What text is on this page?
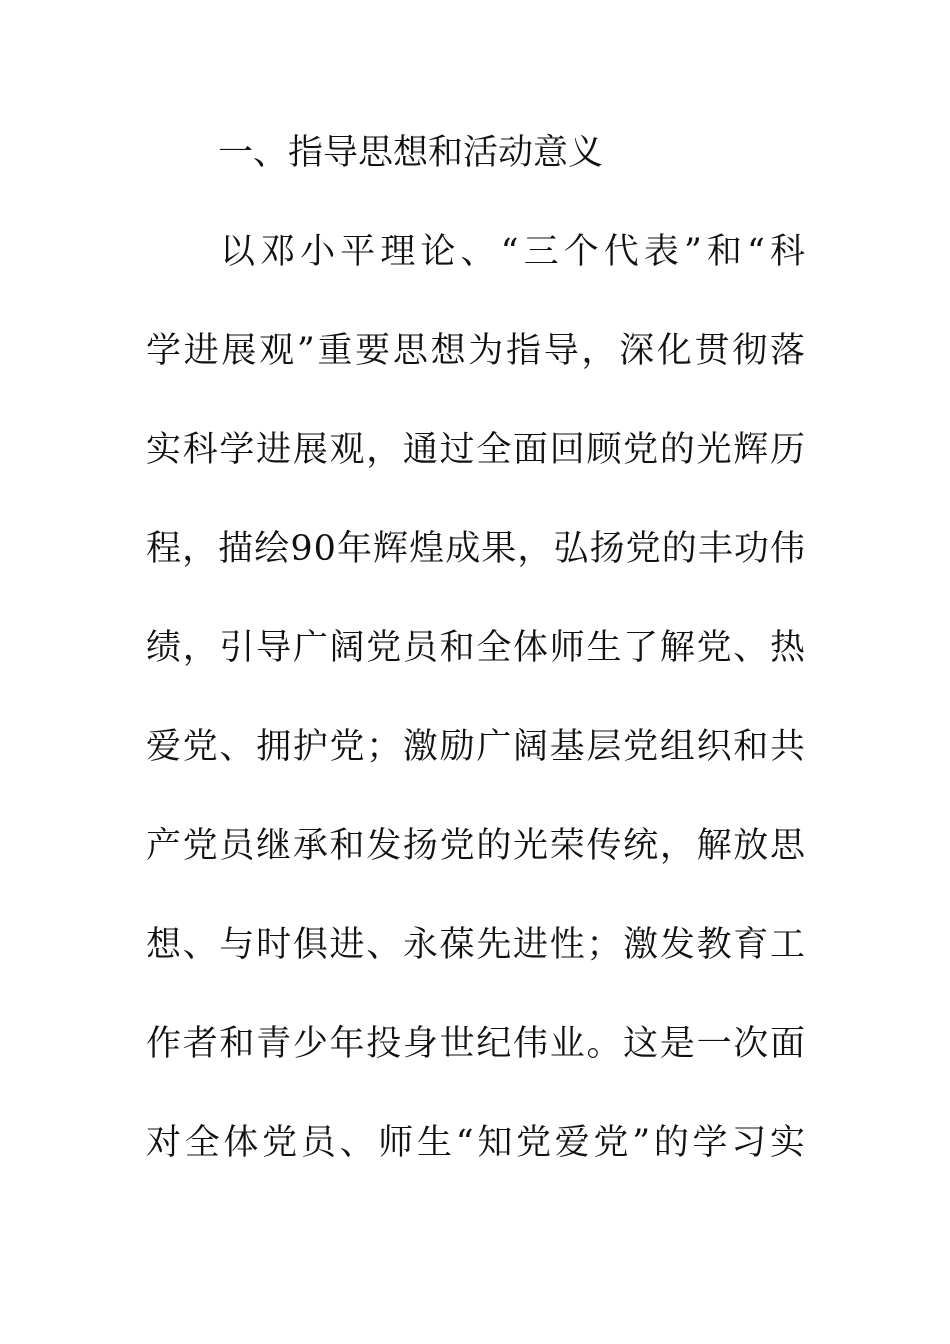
一、指导思想和活动意义
以邓小平理论、“三个代表”和“科
学进展观”重要思想为指导，深化贯彻落
实科学进展观，通过全面回顾党的光辉历
程，描绘90年辉煌成果，弘扬党的丰功伟
绩，引导广阔党员和全体师生了解党、热
爱党、拥护党；激励广阔基层党组织和共
产党员继承和发扬党的光荣传统，解放思
想、与时俱进、永葆先进性；激发教育工
作者和青少年投身世纪伟业。这是一次面
对全体党员、师生“知党爱党”的学习实
